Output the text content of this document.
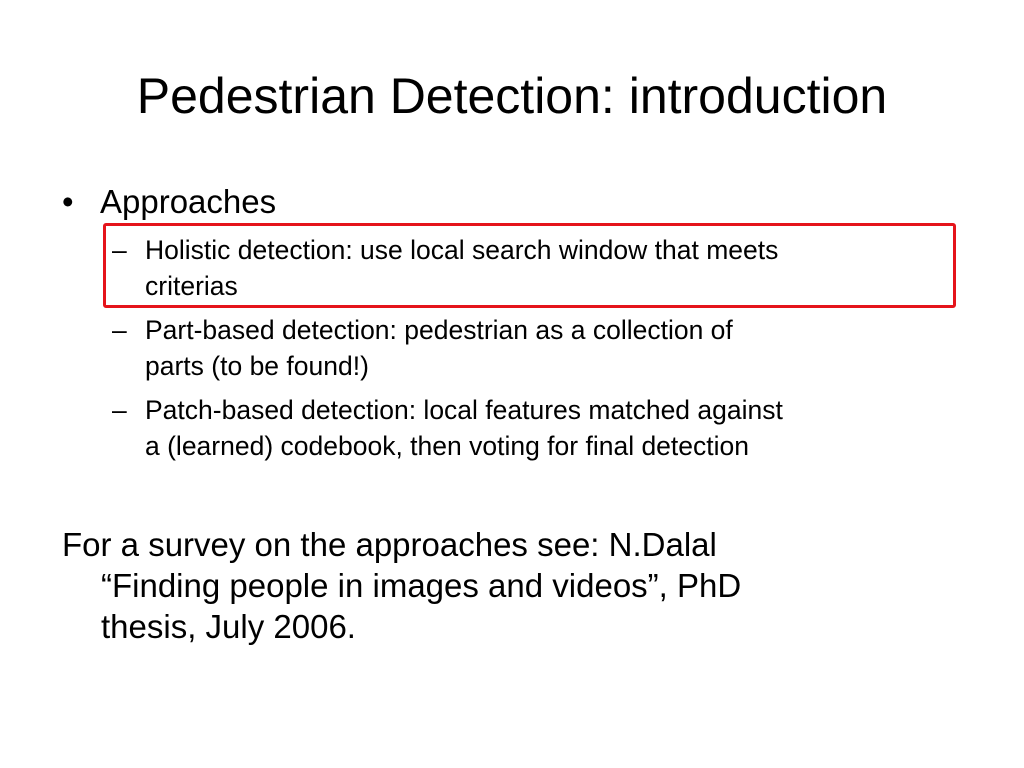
Pedestrian Detection: introduction
• Approaches
– Holistic detection: use local search window that meets
criterias
– Part-based detection: pedestrian as a collection of
parts (to be found!)
– Patch-based detection: local features matched against
a (learned) codebook, then voting for final detection
For a survey on the approaches see: N.Dalal
“Finding people in images and videos”, PhD
thesis, July 2006.
